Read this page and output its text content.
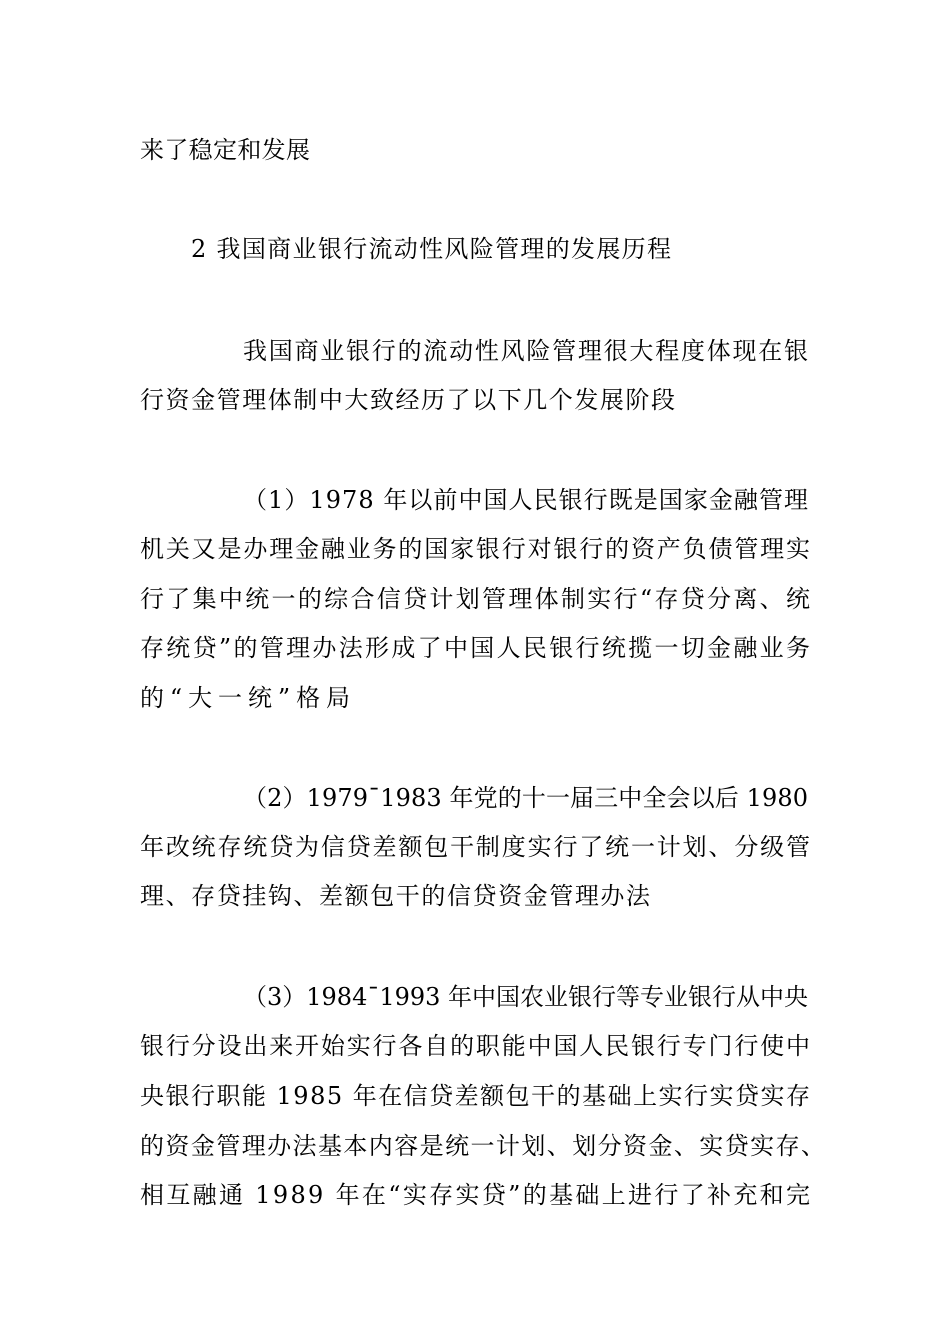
来了稳定和发展

2 我国商业银行流动性风险管理的发展历程

我国商业银行的流动性风险管理很大程度体现在银

行资金管理体制中大致经历了以下几个发展阶段

（1）1978 年以前中国人民银行既是国家金融管理

机关又是办理金融业务的国家银行对银行的资产负债管理实

行了集中统一的综合信贷计划管理体制实行“存贷分离、统

存统贷”的管理办法形成了中国人民银行统揽一切金融业务

的“大一统”格局

（2）1979¯1983 年党的十一届三中全会以后 1980

年改统存统贷为信贷差额包干制度实行了统一计划、分级管

理、存贷挂钩、差额包干的信贷资金管理办法

（3）1984¯1993 年中国农业银行等专业银行从中央

银行分设出来开始实行各自的职能中国人民银行专门行使中

央银行职能 1985 年在信贷差额包干的基础上实行实贷实存

的资金管理办法基本内容是统一计划、划分资金、实贷实存、

相互融通 1989 年在“实存实贷”的基础上进行了补充和完
